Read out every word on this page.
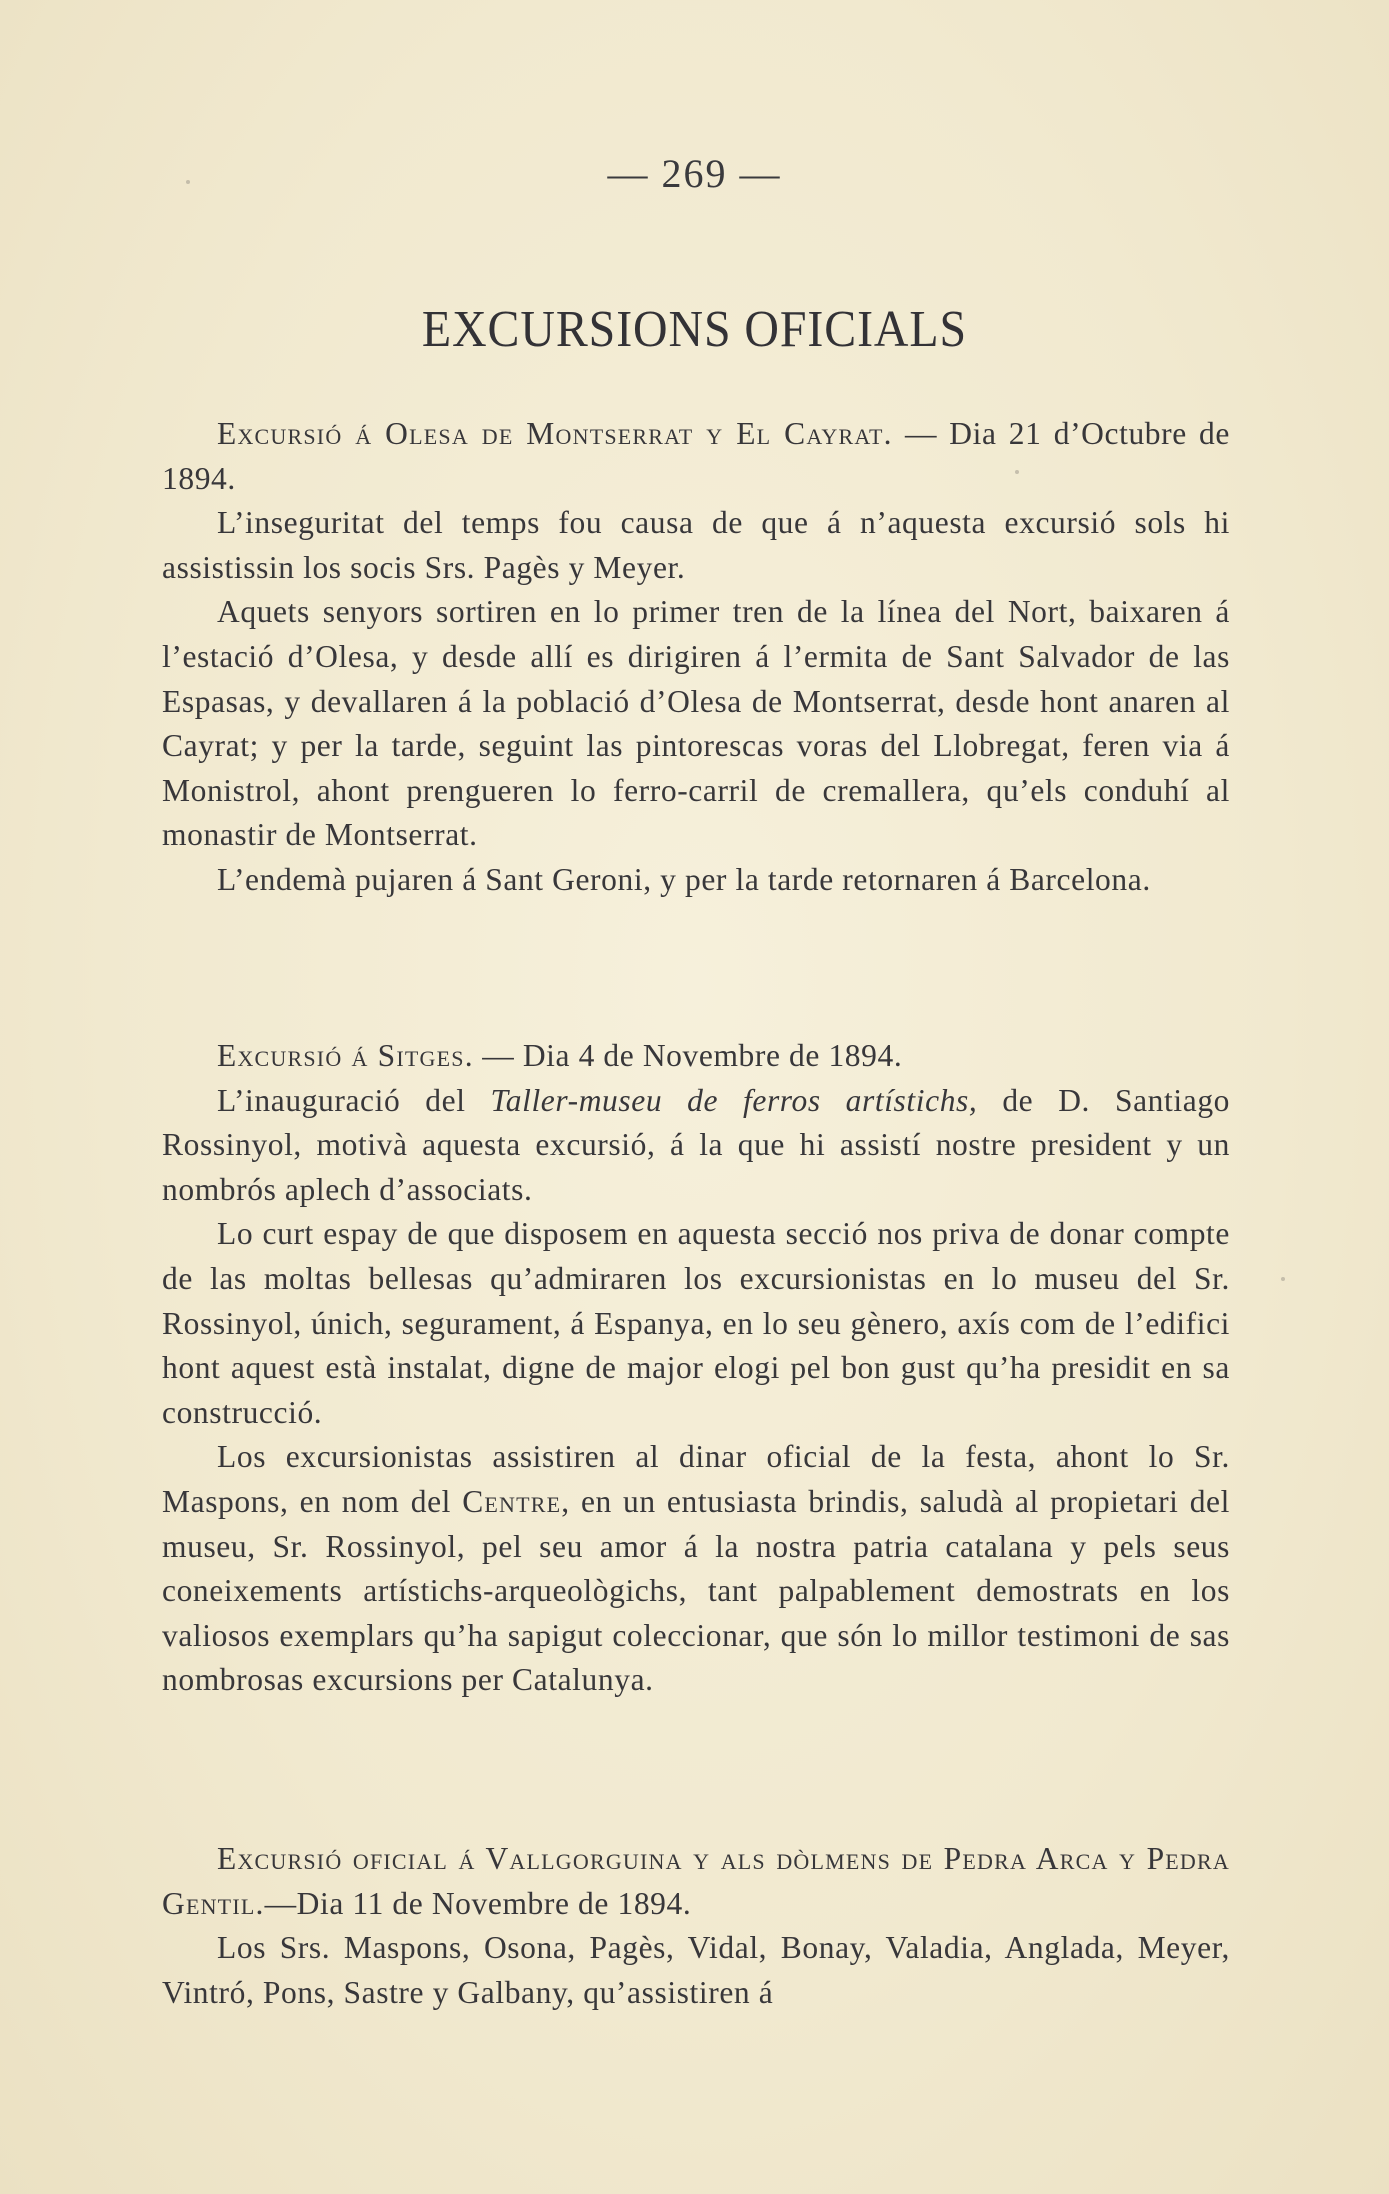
— 269 —
EXCURSIONS OFICIALS

Excursió á Olesa de Montserrat y El Cayrat. — Dia 21 d’Octubre de 1894.

L’inseguritat del temps fou causa de que á n’aquesta excursió sols hi assistissin los socis Srs. Pagès y Meyer.

Aquets senyors sortiren en lo primer tren de la línea del Nort, baixaren á l’estació d’Olesa, y desde allí es dirigiren á l’ermita de Sant Salvador de las Espasas, y devallaren á la població d’Olesa de Montserrat, desde hont anaren al Cayrat; y per la tarde, seguint las pintorescas voras del Llobregat, feren via á Monistrol, ahont prengueren lo ferro-carril de cremallera, qu’els conduhí al monastir de Montserrat.

L’endemà pujaren á Sant Geroni, y per la tarde retornaren á Barcelona.

Excursió á Sitges. — Dia 4 de Novembre de 1894.

L’inauguració del Taller-museu de ferros artístichs, de D. Santiago Rossinyol, motivà aquesta excursió, á la que hi assistí nostre president y un nombrós aplech d’associats.

Lo curt espay de que disposem en aquesta secció nos priva de donar compte de las moltas bellesas qu’admiraren los excursionistas en lo museu del Sr. Rossinyol, únich, segurament, á Espanya, en lo seu gènero, axís com de l’edifici hont aquest està instalat, digne de major elogi pel bon gust qu’ha presidit en sa construcció.

Los excursionistas assistiren al dinar oficial de la festa, ahont lo Sr. Maspons, en nom del Centre, en un entusiasta brindis, saludà al propietari del museu, Sr. Rossinyol, pel seu amor á la nostra patria catalana y pels seus coneixements artístichs-arqueològichs, tant palpablement demostrats en los valiosos exemplars qu’ha sapigut coleccionar, que són lo millor testimoni de sas nombrosas excursions per Catalunya.

Excursió oficial á Vallgorguina y als dòlmens de Pedra Arca y Pedra Gentil.—Dia 11 de Novembre de 1894.

Los Srs. Maspons, Osona, Pagès, Vidal, Bonay, Valadia, Anglada, Meyer, Vintró, Pons, Sastre y Galbany, qu’assistiren á
